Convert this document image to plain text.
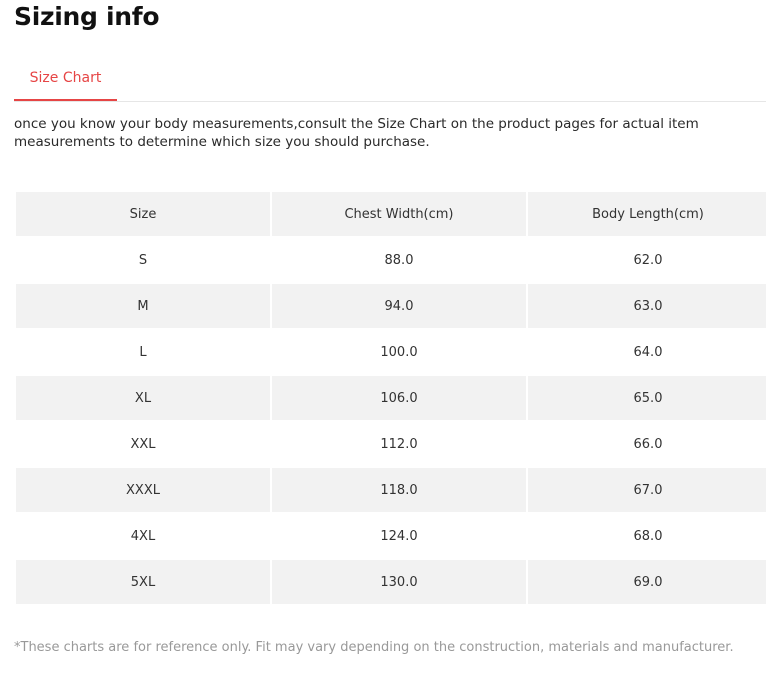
Sizing info
Size Chart

once you know your body measurements,consult the Size Chart on the product pages for actual item measurements to determine which size you should purchase.

Size	Chest Width(cm)	Body Length(cm)
S	88.0	62.0
M	94.0	63.0
L	100.0	64.0
XL	106.0	65.0
XXL	112.0	66.0
XXXL	118.0	67.0
4XL	124.0	68.0
5XL	130.0	69.0

*These charts are for reference only. Fit may vary depending on the construction, materials and manufacturer.
